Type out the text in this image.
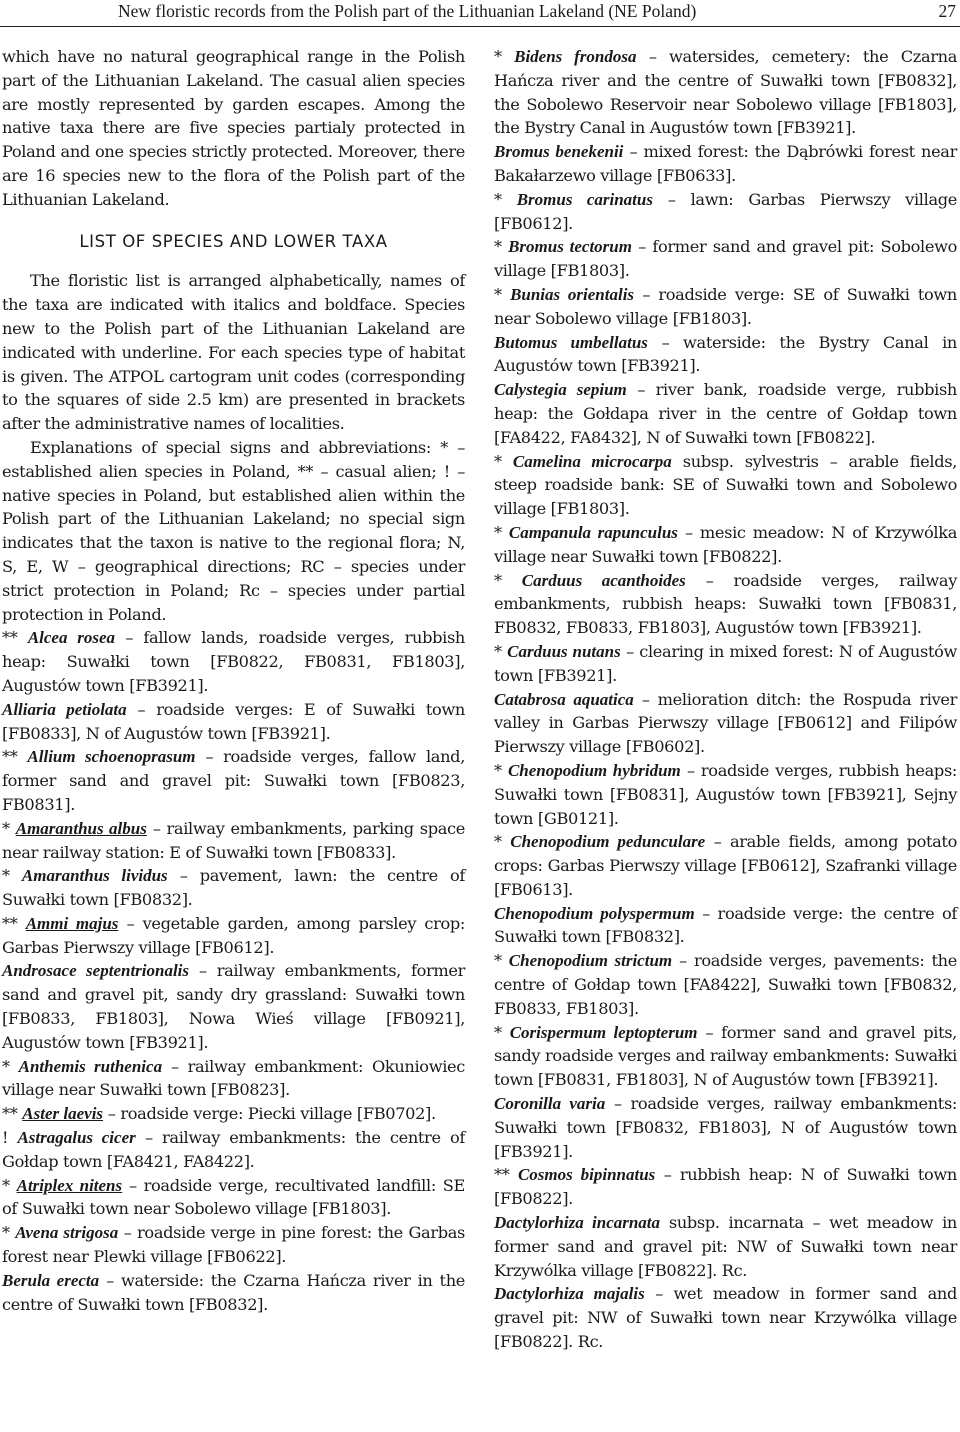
New floristic records from the Polish part of the Lithuanian Lakeland (NE Poland)	27

which have no natural geographical range in the Polish part of the Lithuanian Lakeland. The casual alien species are mostly represented by garden escapes. Among the native taxa there are five species partialy protected in Poland and one species strictly protected. Moreover, there are 16 species new to the flora of the Polish part of the Lithuanian Lakeland.

LIST OF SPECIES AND LOWER TAXA

The floristic list is arranged alphabetically, names of the taxa are indicated with italics and boldface. Species new to the Polish part of the Lithuanian Lakeland are indicated with underline. For each species type of habitat is given. The ATPOL cartogram unit codes (corresponding to the squares of side 2.5 km) are presented in brackets after the administrative names of localities.

Explanations of special signs and abbreviations: * – established alien species in Poland, ** – casual alien; ! – native species in Poland, but established alien within the Polish part of the Lithuanian Lakeland; no special sign indicates that the taxon is native to the regional flora; N, S, E, W – geographical directions; RC – species under strict protection in Poland; Rc – species under partial protection in Poland.

** Alcea rosea – fallow lands, roadside verges, rubbish heap: Suwałki town [FB0822, FB0831, FB1803], Augustów town [FB3921].

Alliaria petiolata – roadside verges: E of Suwałki town [FB0833], N of Augustów town [FB3921].

** Allium schoenoprasum – roadside verges, fallow land, former sand and gravel pit: Suwałki town [FB0823, FB0831].

* Amaranthus albus – railway embankments, parking space near railway station: E of Suwałki town [FB0833].

* Amaranthus lividus – pavement, lawn: the centre of Suwałki town [FB0832].

** Ammi majus – vegetable garden, among parsley crop: Garbas Pierwszy village [FB0612].

Androsace septentrionalis – railway embankments, former sand and gravel pit, sandy dry grassland: Suwałki town [FB0833, FB1803], Nowa Wieś village [FB0921], Augustów town [FB3921].

* Anthemis ruthenica – railway embankment: Okuniowiec village near Suwałki town [FB0823].

** Aster laevis – roadside verge: Piecki village [FB0702].

! Astragalus cicer – railway embankments: the centre of Gołdap town [FA8421, FA8422].

* Atriplex nitens – roadside verge, recultivated landfill: SE of Suwałki town near Sobolewo village [FB1803].

* Avena strigosa – roadside verge in pine forest: the Garbas forest near Plewki village [FB0622].

Berula erecta – waterside: the Czarna Hańcza river in the centre of Suwałki town [FB0832].

* Bidens frondosa – watersides, cemetery: the Czarna Hańcza river and the centre of Suwałki town [FB0832], the Sobolewo Reservoir near Sobolewo village [FB1803], the Bystry Canal in Augustów town [FB3921].

Bromus benekenii – mixed forest: the Dąbrówki forest near Bakałarzewo village [FB0633].

* Bromus carinatus – lawn: Garbas Pierwszy village [FB0612].

* Bromus tectorum – former sand and gravel pit: Sobolewo village [FB1803].

* Bunias orientalis – roadside verge: SE of Suwałki town near Sobolewo village [FB1803].

Butomus umbellatus – waterside: the Bystry Canal in Augustów town [FB3921].

Calystegia sepium – river bank, roadside verge, rubbish heap: the Gołdapa river in the centre of Gołdap town [FA8422, FA8432], N of Suwałki town [FB0822].

* Camelina microcarpa subsp. sylvestris – arable fields, steep roadside bank: SE of Suwałki town and Sobolewo village [FB1803].

* Campanula rapunculus – mesic meadow: N of Krzywólka village near Suwałki town [FB0822].

* Carduus acanthoides – roadside verges, railway embankments, rubbish heaps: Suwałki town [FB0831, FB0832, FB0833, FB1803], Augustów town [FB3921].

* Carduus nutans – clearing in mixed forest: N of Augustów town [FB3921].

Catabrosa aquatica – melioration ditch: the Rospuda river valley in Garbas Pierwszy village [FB0612] and Filipów Pierwszy village [FB0602].

* Chenopodium hybridum – roadside verges, rubbish heaps: Suwałki town [FB0831], Augustów town [FB3921], Sejny town [GB0121].

* Chenopodium pedunculare – arable fields, among potato crops: Garbas Pierwszy village [FB0612], Szafranki village [FB0613].

Chenopodium polyspermum – roadside verge: the centre of Suwałki town [FB0832].

* Chenopodium strictum – roadside verges, pavements: the centre of Gołdap town [FA8422], Suwałki town [FB0832, FB0833, FB1803].

* Corispermum leptopterum – former sand and gravel pits, sandy roadside verges and railway embankments: Suwałki town [FB0831, FB1803], N of Augustów town [FB3921].

Coronilla varia – roadside verges, railway embankments: Suwałki town [FB0832, FB1803], N of Augustów town [FB3921].

** Cosmos bipinnatus – rubbish heap: N of Suwałki town [FB0822].

Dactylorhiza incarnata subsp. incarnata – wet meadow in former sand and gravel pit: NW of Suwałki town near Krzywólka village [FB0822]. Rc.

Dactylorhiza majalis – wet meadow in former sand and gravel pit: NW of Suwałki town near Krzywólka village [FB0822]. Rc.
